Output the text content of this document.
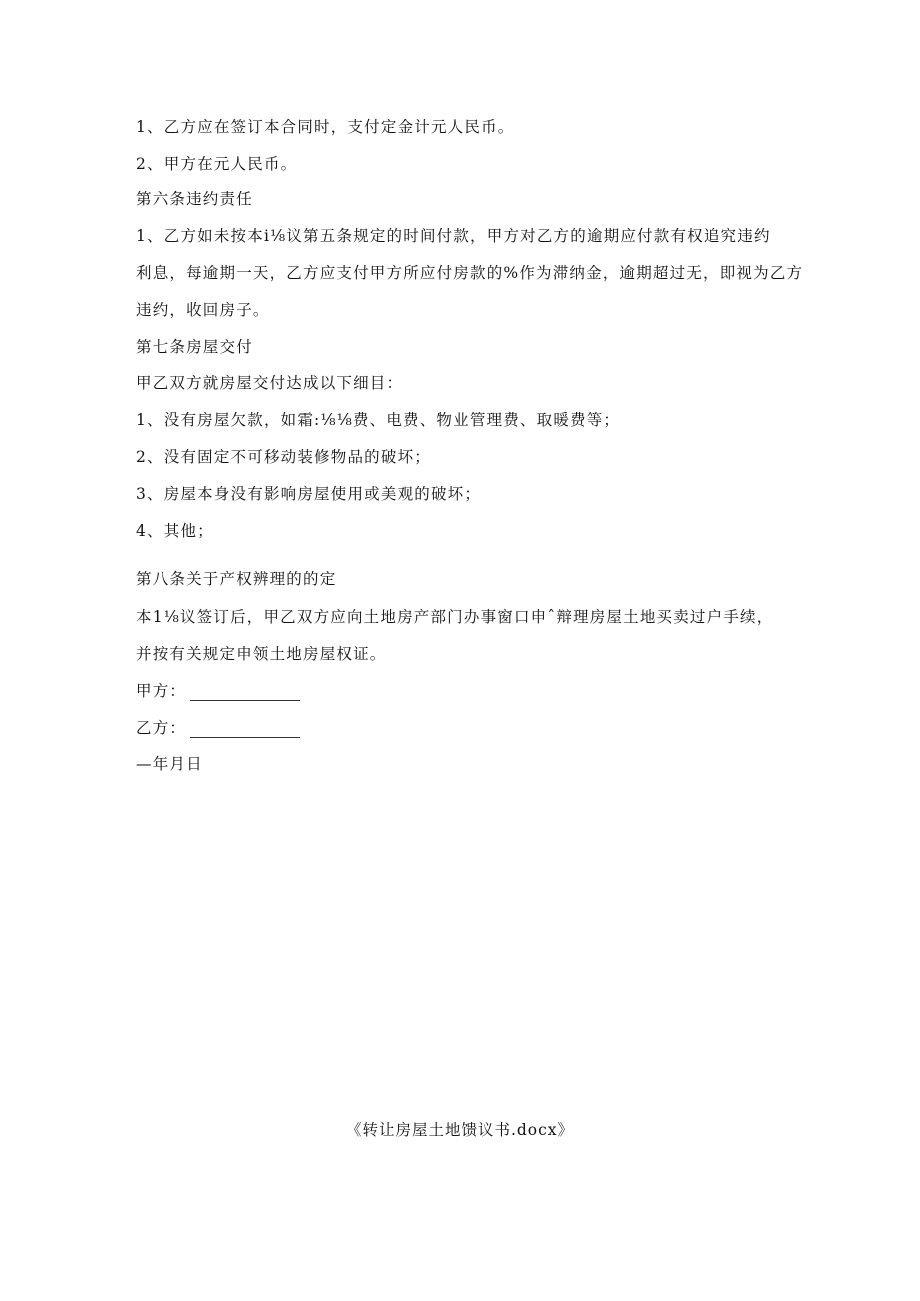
1、乙方应在签订本合同时，支付定金计元人民币。
2、甲方在元人民币。
第六条违约责任
1、乙方如未按本i⅛议第五条规定的时间付款，甲方对乙方的逾期应付款有权追究违约
利息，每逾期一天，乙方应支付甲方所应付房款的%作为滞纳金，逾期超过无，即视为乙方
违约，收回房子。
第七条房屋交付
甲乙双方就房屋交付达成以下细目：
1、没有房屋欠款，如霜:⅛⅛费、电费、物业管理费、取暖费等；
2、没有固定不可移动装修物品的破坏；
3、房屋本身没有影响房屋使用或美观的破坏；
4、其他；
第八条关于产权辨理的的定
本1⅛议签订后，甲乙双方应向土地房产部门办事窗口申ˆ辩理房屋土地买卖过户手续，
并按有关规定申领土地房屋权证。
甲方：
乙方：
—年月日
《转让房屋土地馈议书.docx》
